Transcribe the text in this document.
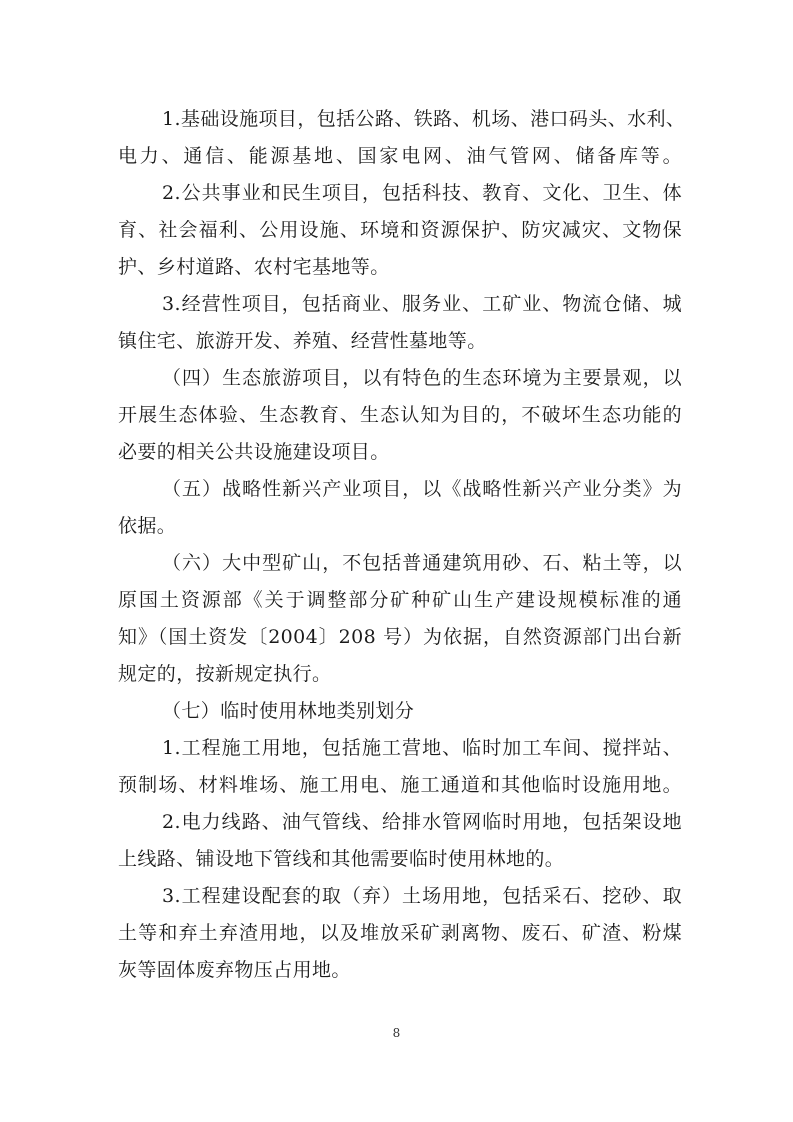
1.基础设施项目，包括公路、铁路、机场、港口码头、水利、
电力、通信、能源基地、国家电网、油气管网、储备库等。
2.公共事业和民生项目，包括科技、教育、文化、卫生、体
育、社会福利、公用设施、环境和资源保护、防灾减灾、文物保
护、乡村道路、农村宅基地等。
3.经营性项目，包括商业、服务业、工矿业、物流仓储、城
镇住宅、旅游开发、养殖、经营性墓地等。
（四）生态旅游项目，以有特色的生态环境为主要景观，以
开展生态体验、生态教育、生态认知为目的，不破坏生态功能的
必要的相关公共设施建设项目。
（五）战略性新兴产业项目，以《战略性新兴产业分类》为
依据。
（六）大中型矿山，不包括普通建筑用砂、石、粘土等，以
原国土资源部《关于调整部分矿种矿山生产建设规模标准的通
知》（国土资发〔2004〕208 号）为依据，自然资源部门出台新
规定的，按新规定执行。
（七）临时使用林地类别划分
1.工程施工用地，包括施工营地、临时加工车间、搅拌站、
预制场、材料堆场、施工用电、施工通道和其他临时设施用地。
2.电力线路、油气管线、给排水管网临时用地，包括架设地
上线路、铺设地下管线和其他需要临时使用林地的。
3.工程建设配套的取（弃）土场用地，包括采石、挖砂、取
土等和弃土弃渣用地，以及堆放采矿剥离物、废石、矿渣、粉煤
灰等固体废弃物压占用地。
8
